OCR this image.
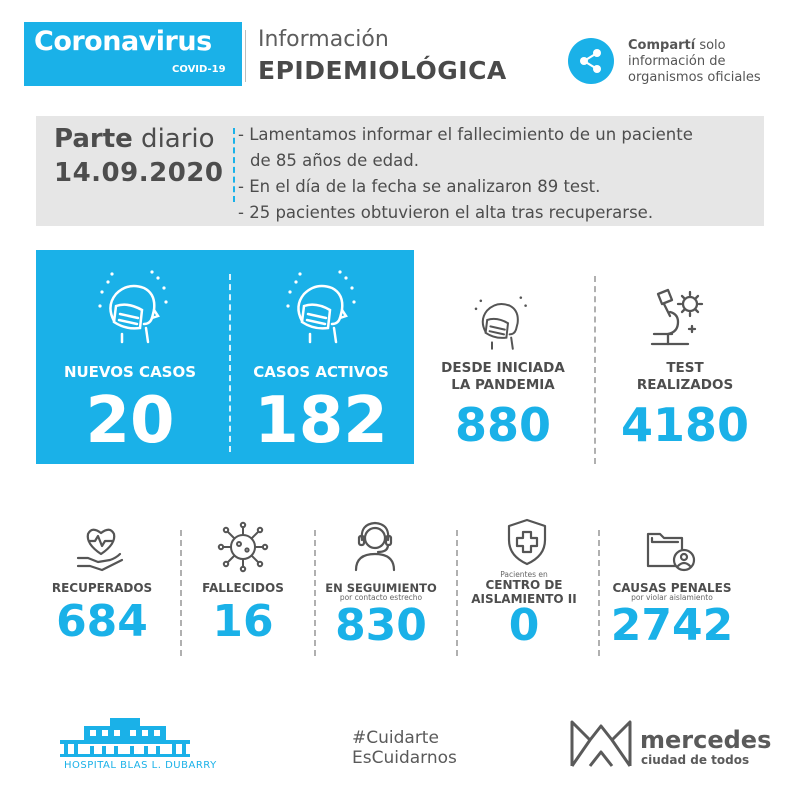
Coronavirus
COVID-19
Información
EPIDEMIOLÓGICA
Compartí solo
información de
organismos oficiales
Parte diario
14.09.2020
- Lamentamos informar el fallecimiento de un paciente
de 85 años de edad.
- En el día de la fecha se analizaron 89 test.
- 25 pacientes obtuvieron el alta tras recuperarse.
NUEVOS CASOS
20
CASOS ACTIVOS
182
DESDE INICIADA
LA PANDEMIA
880
TEST
REALIZADOS
4180
RECUPERADOS
684
FALLECIDOS
16
EN SEGUIMIENTO
por contacto estrecho
830
Pacientes en
CENTRO DE
AISLAMIENTO II
0
CAUSAS PENALES
por violar aislamiento
2742
HOSPITAL BLAS L. DUBARRY
#Cuidarte
EsCuidarnos
mercedes
ciudad de todos
